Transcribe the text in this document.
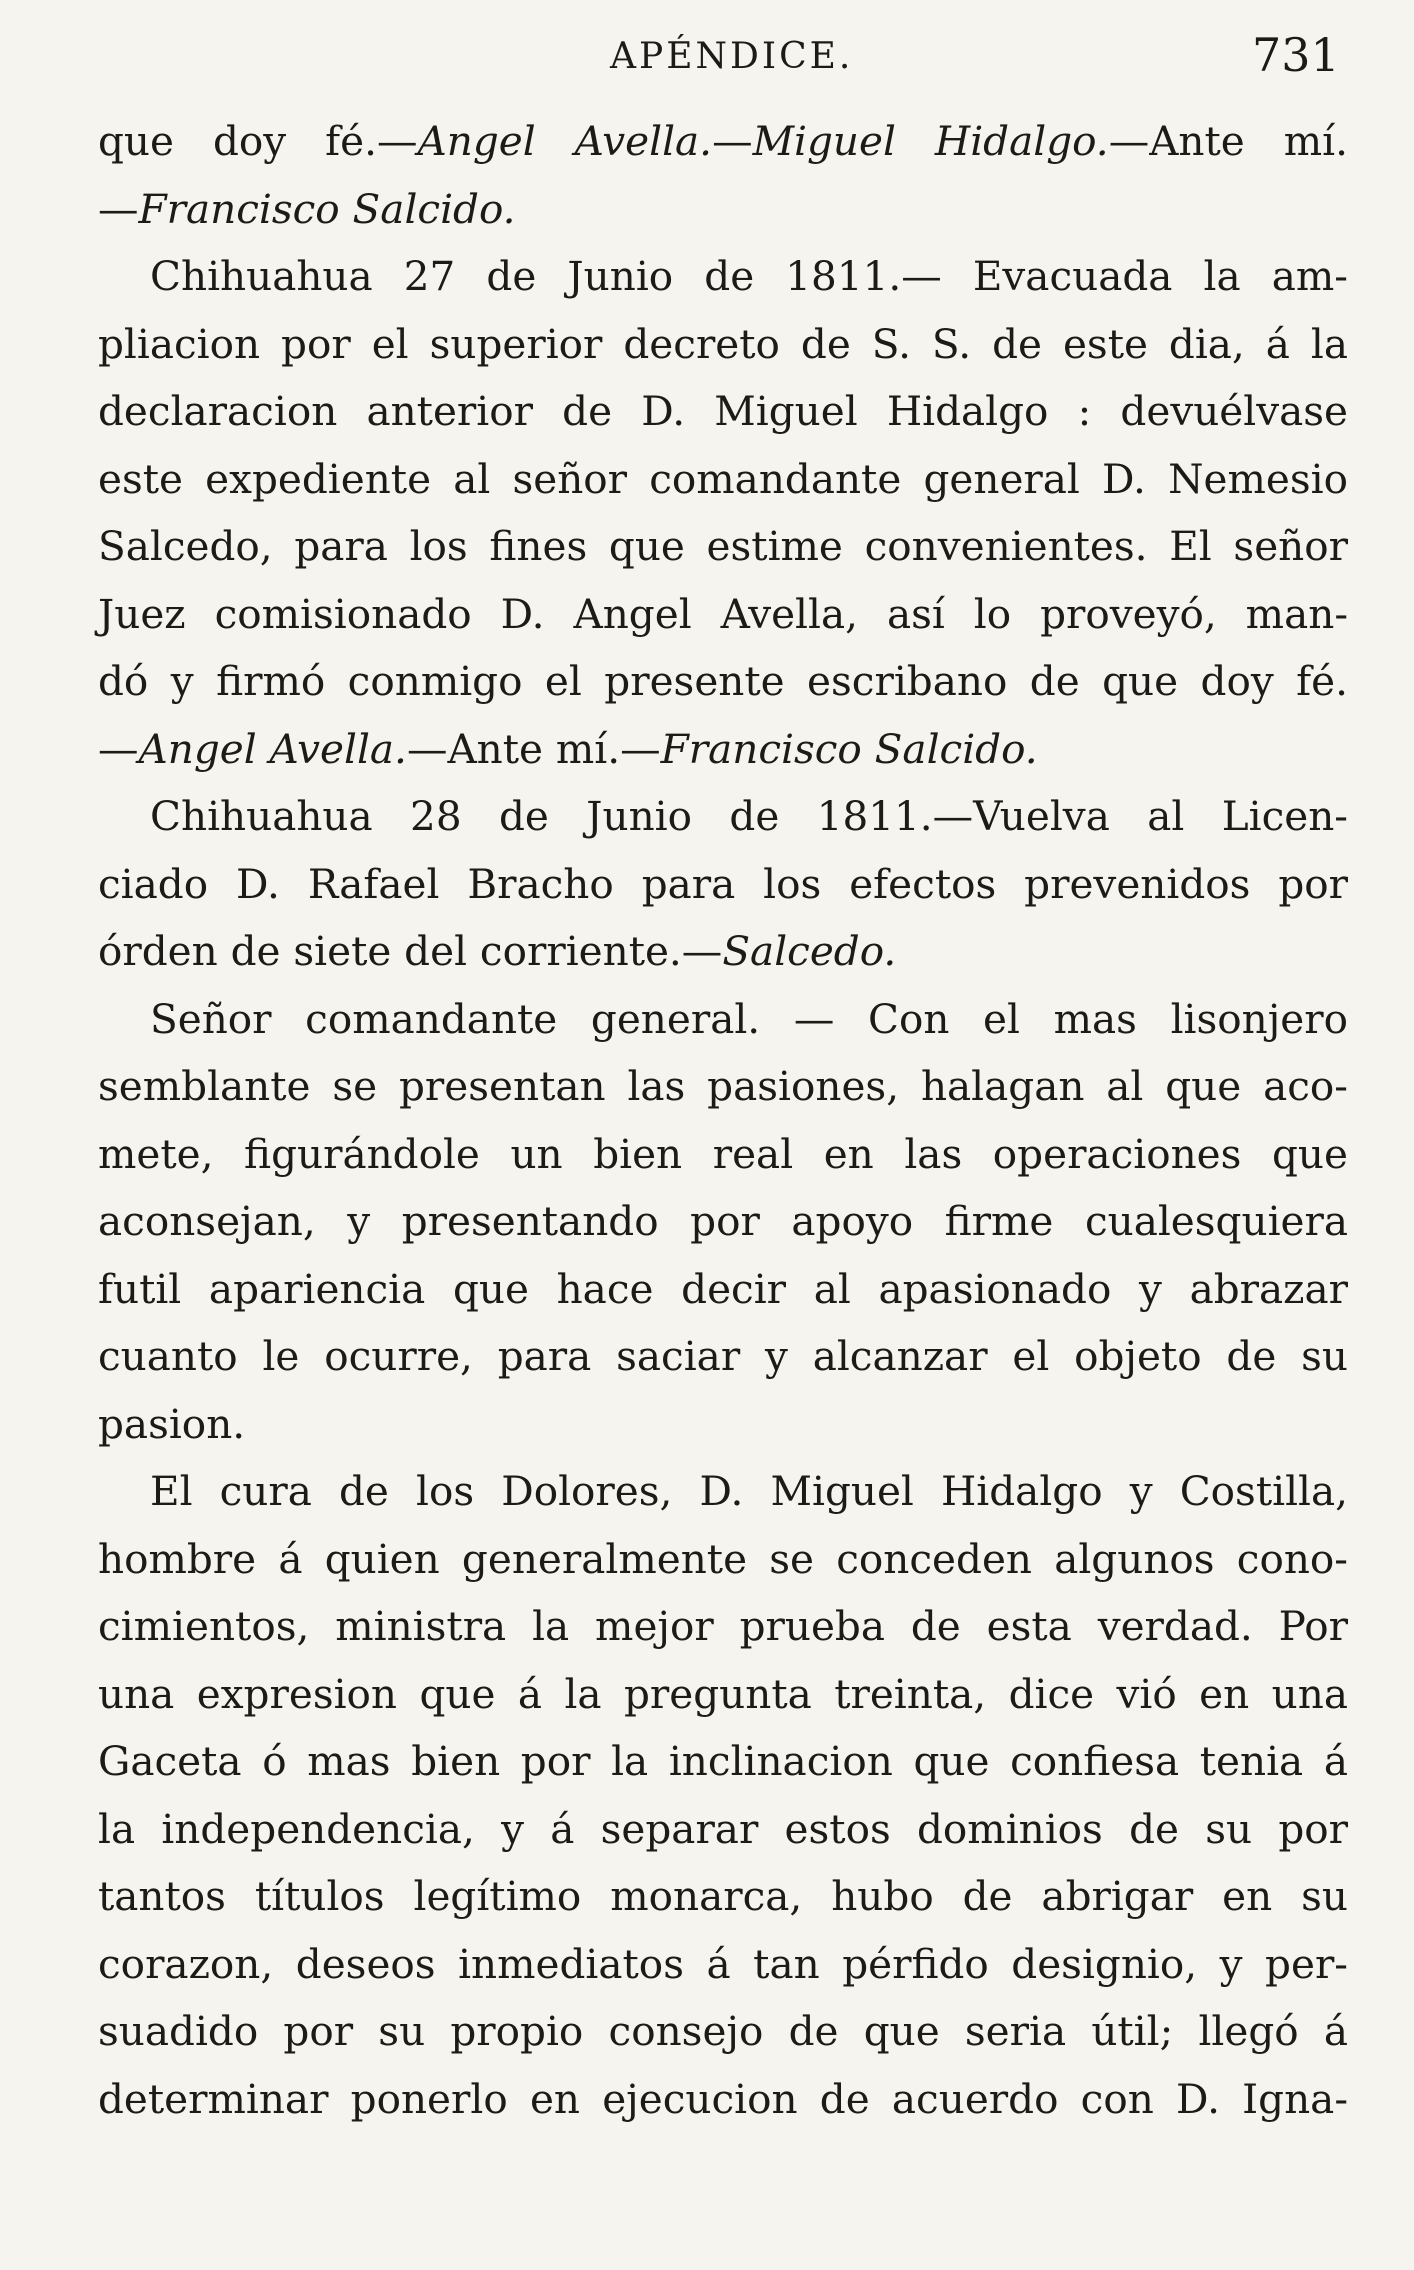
APÉNDICE.	731
que doy fé.—Angel Avella.—Miguel Hidalgo.—Ante mí.
—Francisco Salcido.
Chihuahua 27 de Junio de 1811.— Evacuada la am-
pliacion por el superior decreto de S. S. de este dia, á la
declaracion anterior de D. Miguel Hidalgo : devuélvase
este expediente al señor comandante general D. Nemesio
Salcedo, para los fines que estime convenientes. El señor
Juez comisionado D. Angel Avella, así lo proveyó, man-
dó y firmó conmigo el presente escribano de que doy fé.
—Angel Avella.—Ante mí.—Francisco Salcido.
Chihuahua 28 de Junio de 1811.—Vuelva al Licen-
ciado D. Rafael Bracho para los efectos prevenidos por
órden de siete del corriente.—Salcedo.
Señor comandante general. — Con el mas lisonjero
semblante se presentan las pasiones, halagan al que aco-
mete, figurándole un bien real en las operaciones que
aconsejan, y presentando por apoyo firme cualesquiera
futil apariencia que hace decir al apasionado y abrazar
cuanto le ocurre, para saciar y alcanzar el objeto de su
pasion.
El cura de los Dolores, D. Miguel Hidalgo y Costilla,
hombre á quien generalmente se conceden algunos cono-
cimientos, ministra la mejor prueba de esta verdad. Por
una expresion que á la pregunta treinta, dice vió en una
Gaceta ó mas bien por la inclinacion que confiesa tenia á
la independencia, y á separar estos dominios de su por
tantos títulos legítimo monarca, hubo de abrigar en su
corazon, deseos inmediatos á tan pérfido designio, y per-
suadido por su propio consejo de que seria útil; llegó á
determinar ponerlo en ejecucion de acuerdo con D. Igna-
